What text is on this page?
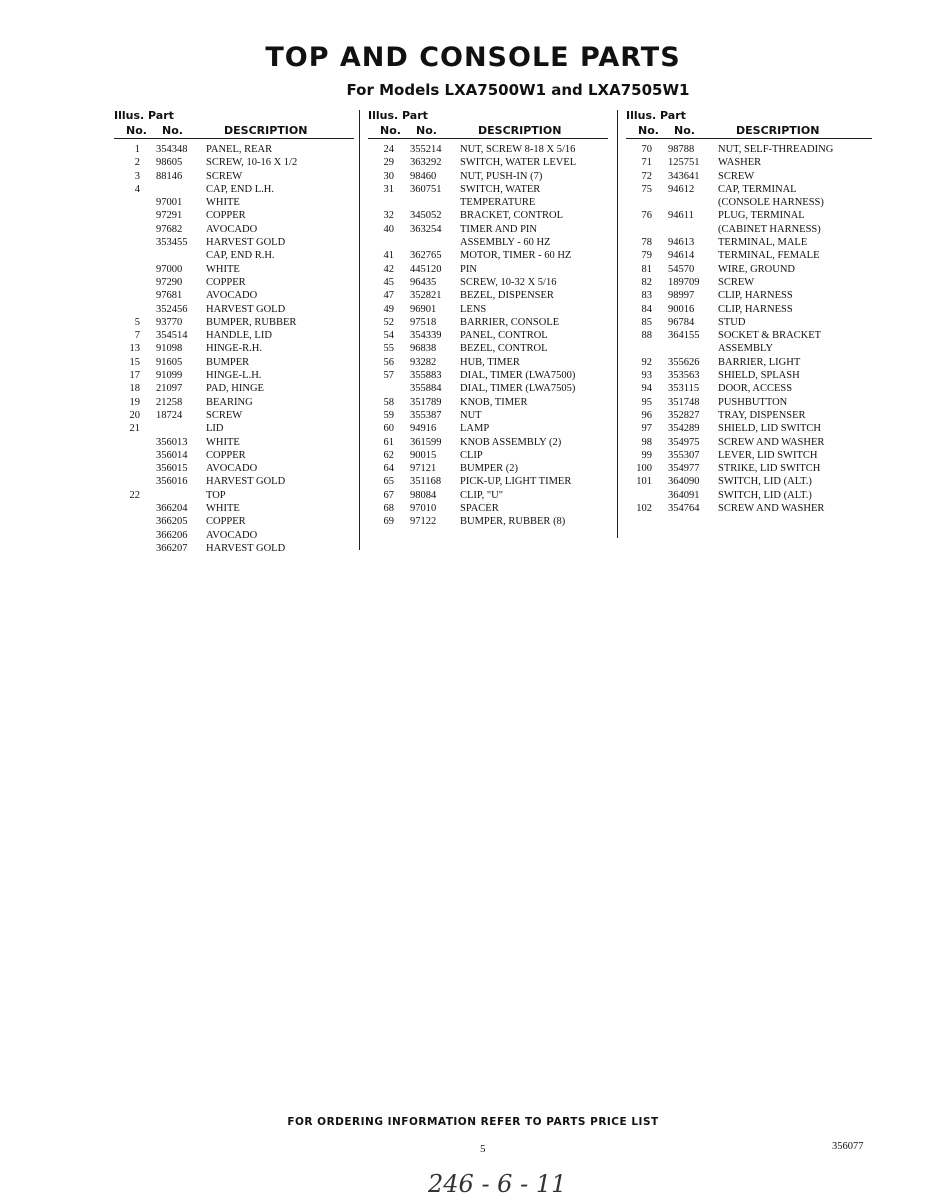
TOP AND CONSOLE PARTS
For Models LXA7500W1 and LXA7505W1
Illus. Part
No. No.	DESCRIPTION
1 354348 PANEL, REAR
2 98605 SCREW, 10-16 X 1/2
3 88146 SCREW
4	CAP, END L.H.
97001 WHITE
97291 COPPER
97682 AVOCADO
353455 HARVEST GOLD
CAP, END R.H.
97000 WHITE
97290 COPPER
97681 AVOCADO
352456 HARVEST GOLD
5 93770 BUMPER, RUBBER
7 354514 HANDLE, LID
13 91098 HINGE-R.H.
15 91605 BUMPER
17 91099 HINGE-L.H.
18 21097 PAD, HINGE
19 21258 BEARING
20 18724 SCREW
21	LID
356013 WHITE
356014 COPPER
356015 AVOCADO
356016 HARVEST GOLD
22	TOP
366204 WHITE
366205 COPPER
366206 AVOCADO
366207 HARVEST GOLD
Illus. Part
No. No.	DESCRIPTION
24 355214 NUT, SCREW 8-18 X 5/16
29 363292 SWITCH, WATER LEVEL
30 98460 NUT, PUSH-IN (7)
31 360751 SWITCH, WATER
TEMPERATURE
32 345052 BRACKET, CONTROL
40 363254 TIMER AND PIN
ASSEMBLY - 60 HZ
41 362765 MOTOR, TIMER - 60 HZ
42 445120 PIN
45 96435 SCREW, 10-32 X 5/16
47 352821 BEZEL, DISPENSER
49 96901 LENS
52 97518 BARRIER, CONSOLE
54 354339 PANEL, CONTROL
55 96838 BEZEL, CONTROL
56 93282 HUB, TIMER
57 355883 DIAL, TIMER (LWA7500)
355884 DIAL, TIMER (LWA7505)
58 351789 KNOB, TIMER
59 355387 NUT
60 94916 LAMP
61 361599 KNOB ASSEMBLY (2)
62 90015 CLIP
64 97121 BUMPER (2)
65 351168 PICK-UP, LIGHT TIMER
67 98084 CLIP, "U"
68 97010 SPACER
69 97122 BUMPER, RUBBER (8)
Illus. Part
No. No.	DESCRIPTION
70 98788 NUT, SELF-THREADING
71 125751 WASHER
72 343641 SCREW
75 94612 CAP, TERMINAL
(CONSOLE HARNESS)
76 94611 PLUG, TERMINAL
(CABINET HARNESS)
78 94613 TERMINAL, MALE
79 94614 TERMINAL, FEMALE
81 54570 WIRE, GROUND
82 189709 SCREW
83 98997 CLIP, HARNESS
84 90016 CLIP, HARNESS
85 96784 STUD
88 364155 SOCKET & BRACKET
ASSEMBLY
92 355626 BARRIER, LIGHT
93 353563 SHIELD, SPLASH
94 353115 DOOR, ACCESS
95 351748 PUSHBUTTON
96 352827 TRAY, DISPENSER
97 354289 SHIELD, LID SWITCH
98 354975 SCREW AND WASHER
99 355307 LEVER, LID SWITCH
100 354977 STRIKE, LID SWITCH
101 364090 SWITCH, LID (ALT.)
364091 SWITCH, LID (ALT.)
102 354764 SCREW AND WASHER
FOR ORDERING INFORMATION REFER TO PARTS PRICE LIST
5	356077
246 - 6 - 11
